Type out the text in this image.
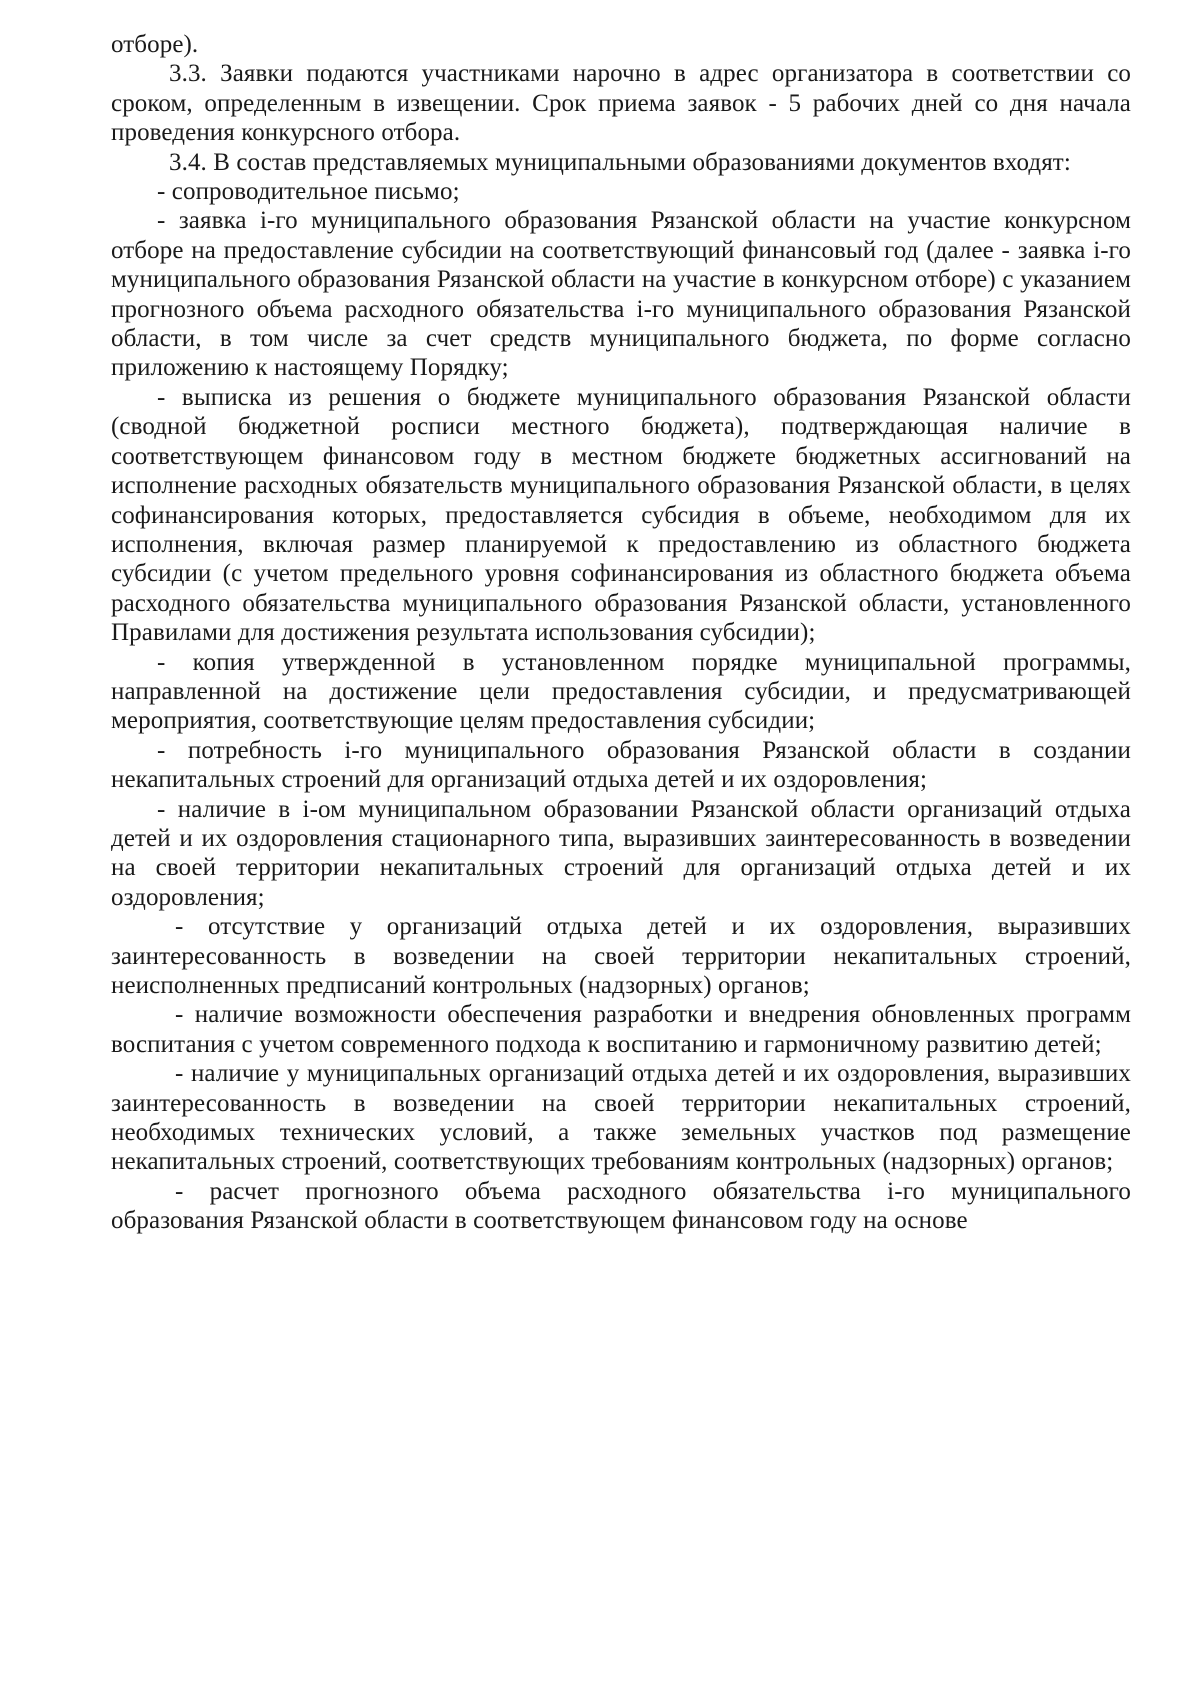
отборе).

3.3. Заявки подаются участниками нарочно в адрес организатора в соответствии со сроком, определенным в извещении. Срок приема заявок - 5 рабочих дней со дня начала проведения конкурсного отбора.

3.4. В состав представляемых муниципальными образованиями документов входят:

- сопроводительное письмо;

- заявка i-го муниципального образования Рязанской области на участие конкурсном отборе на предоставление субсидии на соответствующий финансовый год (далее - заявка i-го муниципального образования Рязанской области на участие в конкурсном отборе) с указанием прогнозного объема расходного обязательства i-го муниципального образования Рязанской области, в том числе за счет средств муниципального бюджета, по форме согласно приложению к настоящему Порядку;

- выписка из решения о бюджете муниципального образования Рязанской области (сводной бюджетной росписи местного бюджета), подтверждающая наличие в соответствующем финансовом году в местном бюджете бюджетных ассигнований на исполнение расходных обязательств муниципального образования Рязанской области, в целях софинансирования которых, предоставляется субсидия в объеме, необходимом для их исполнения, включая размер планируемой к предоставлению из областного бюджета субсидии (с учетом предельного уровня софинансирования из областного бюджета объема расходного обязательства муниципального образования Рязанской области, установленного Правилами для достижения результата использования субсидии);

- копия утвержденной в установленном порядке муниципальной программы, направленной на достижение цели предоставления субсидии, и предусматривающей мероприятия, соответствующие целям предоставления субсидии;

- потребность i-го муниципального образования Рязанской области в создании некапитальных строений для организаций отдыха детей и их оздоровления;

- наличие в i-ом муниципальном образовании Рязанской области организаций отдыха детей и их оздоровления стационарного типа, выразивших заинтересованность в возведении на своей территории некапитальных строений для организаций отдыха детей и их оздоровления;

- отсутствие у организаций отдыха детей и их оздоровления, выразивших заинтересованность в возведении на своей территории некапитальных строений, неисполненных предписаний контрольных (надзорных) органов;

- наличие возможности обеспечения разработки и внедрения обновленных программ воспитания с учетом современного подхода к воспитанию и гармоничному развитию детей;

- наличие у муниципальных организаций отдыха детей и их оздоровления, выразивших заинтересованность в возведении на своей территории некапитальных строений, необходимых технических условий, а также земельных участков под размещение некапитальных строений, соответствующих требованиям контрольных (надзорных) органов;

- расчет прогнозного объема расходного обязательства i-го муниципального образования Рязанской области в соответствующем финансовом году на основе
